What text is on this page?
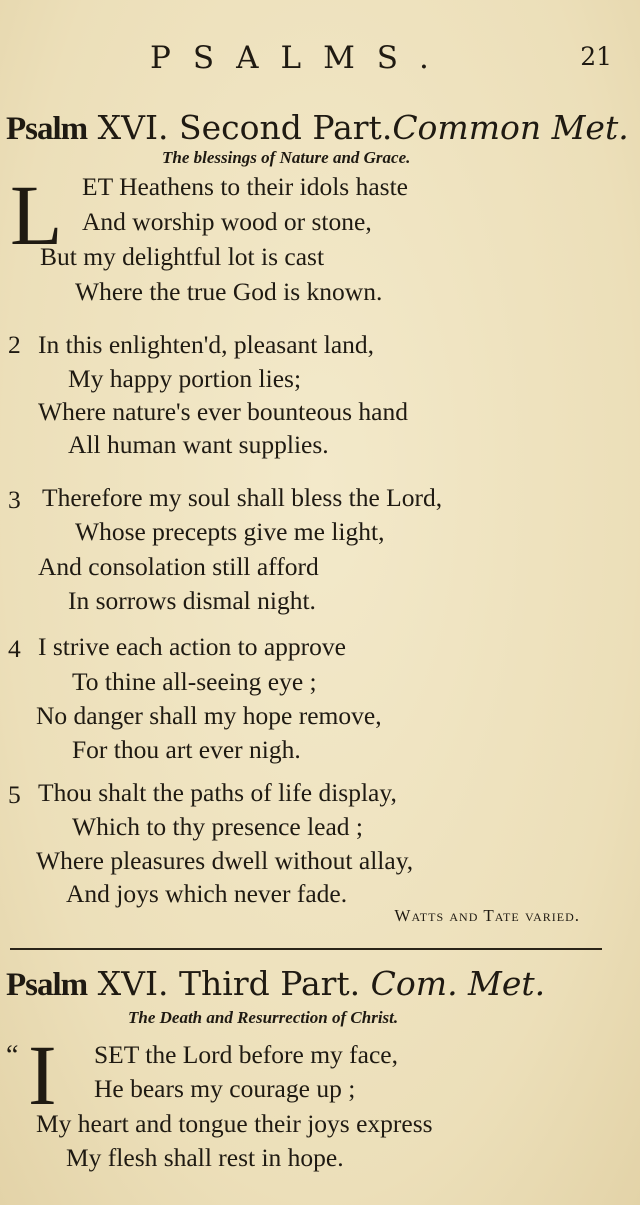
PSALMS.	21
Psalm XVI. Second Part.Common Met.
The blessings of Nature and Grace.
L ET Heathens to their idols haste
And worship wood or stone,
But my delightful lot is cast
Where the true God is known.
2 In this enlighten'd, pleasant land,
My happy portion lies;
Where nature's ever bounteous hand
All human want supplies.
3 Therefore my soul shall bless the Lord,
Whose precepts give me light,
And consolation still afford
In sorrows dismal night.
4 I strive each action to approve
To thine all-seeing eye ;
No danger shall my hope remove,
For thou art ever nigh.
5 Thou shalt the paths of life display,
Which to thy presence lead ;
Where pleasures dwell without allay,
And joys which never fade.
Watts and Tate varied.
Psalm XVI. Third Part. Com. Met.
The Death and Resurrection of Christ.
“ I SET the Lord before my face,
He bears my courage up ;
My heart and tongue their joys express
My flesh shall rest in hope.
